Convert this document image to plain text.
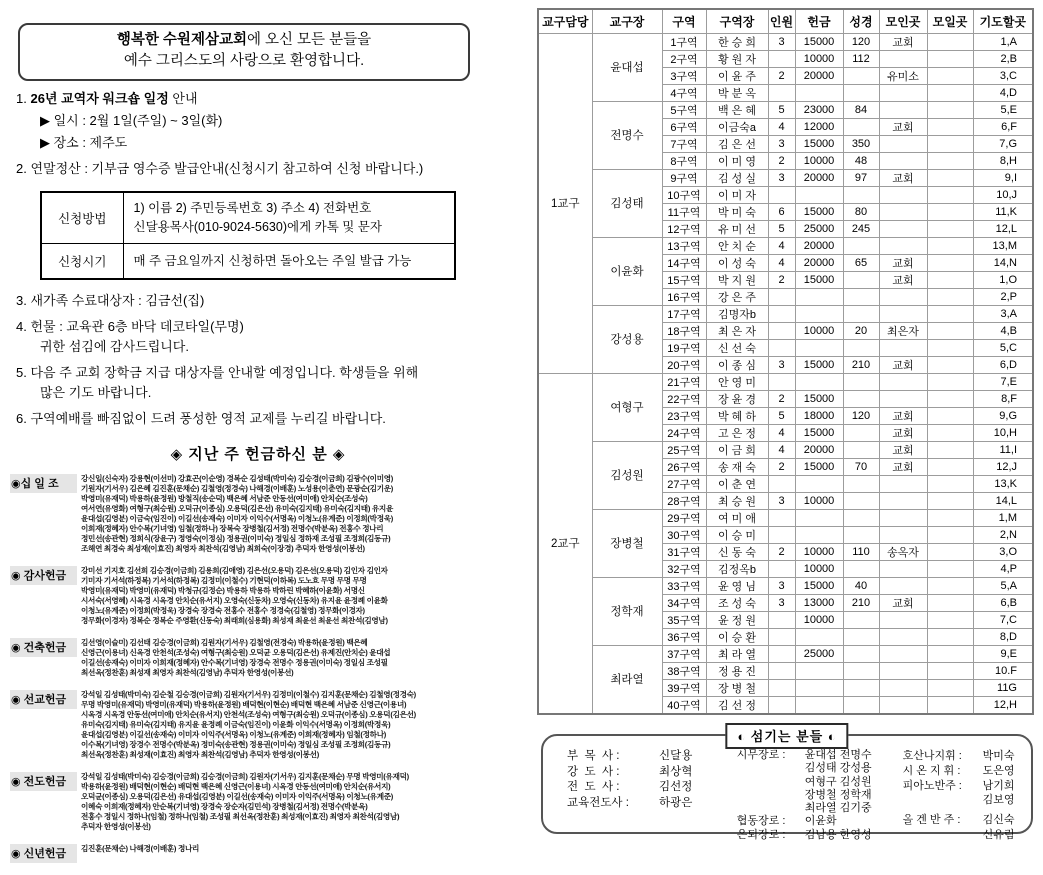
행복한 수원제삼교회에 오신 모든 분들을
예수 그리스도의 사랑으로 환영합니다.
1. 26년 교역자 워크숍 일정 안내
▶ 일시 : 2월 1일(주일) ~ 3일(화)
▶ 장소 : 제주도
2. 연말정산 : 기부금 영수증 발급안내(신청시기 참고하여 신청 바랍니다.)
신청방법	1) 이름 2) 주민등록번호 3) 주소 4) 전화번호
신달용목사(010-9024-5630)에게 카톡 및 문자

신청시기	매 주 금요일까지 신청하면 돌아오는 주일 발급 가능
3. 새가족 수료대상자 : 김금선(집)
4. 헌물 : 교육관 6층 바닥 데코타일(무명)
귀한 섬김에 감사드립니다.
5. 다음 주 교회 장학금 지급 대상자를 안내할 예정입니다. 학생들을 위해
많은 기도 바랍니다.
6. 구역예배를 빠짐없이 드려 풍성한 영적 교제를 누리길 바랍니다.
◈ 지난 주 헌금하신 분 ◈
◉십 일 조	강신일(신숙자) 강용현(이선미) 강효곤(이순영) 경복순 김성태(박미숙) 김승경(이금희) 김광수(이미영)
기원자(기서우) 김은혜 김진훈(문채순) 김철영(정경숙) 나해경(이배훈) 노성용(이춘연) 문광순(김기운)
박영미(유재덕) 박용하(윤정원) 방철직(송순덕) 백은혜 서남준 안동선(여미애) 안치순(조성숙)
여서연(유영화) 여형구(최승원) 오덕규(이종심) 오용덕(김은선) 유미숙(김지태) 유미숙(김지태) 유지윤
윤대섭(김영분) 이금숙(임진이) 이길선(송재숙) 이미자 이익수(서명옥) 이청노(유계준) 이정희(박정욱)
이희재(정혜자) 안수복(기녀영) 임철(정하나) 장복숙 장병철(김서정) 전명수(박분옥) 전홍수 정나리
정민선(송관현) 정희식(장윤구) 정영숙(이정심) 정용권(이미숙) 정일심 정하재 조성필 조정희(김동규)
조해연 최경숙 최성재(이효진) 최영자 최찬석(김영남) 최희숙(이장경) 추덕자 한영성(이봉선)
◉ 감사헌금	강미선 기지호 김선희 김승경(이금희) 김용희(김애영) 김은선(오용덕) 김은선(오용덕) 김인자 김인자
기미자 기서석(하정복) 기서석(하정복) 김정미(이철수) 기현덕(이하복) 도노흐 무명 무명 무명
박영미(유재덕) 박영미(유재덕) 박청규(김정순) 박용하 박용하 박하린 박혜하(이윤화) 서명신
시서숙(서영혜) 시옥경 시옥경 안치순(유서지) 오영숙(신동차) 오영숙(신동차) 유지윤 윤정례 이윤화
이청노(유계준) 이정희(박정욱) 장경숙 장경숙 전홍수 전홍수 정경숙(김철영) 정무화(이경자)
정무화(이경자) 정복순 정복순 주영환(신동숙) 최래희(심용화) 최성재 최윤선 최윤선 최찬석(김영남)
◉ 건축헌금	김선영(이슬미) 김선태 김승경(이금희) 김원자(기서우) 김철영(전경숙) 박용하(윤정원) 백은혜
신영근(이용녀) 신옥경 안천석(조성숙) 여형구(최승원) 오덕균 오용덕(김은선) 유제진(안치순) 윤대섭
이길선(송재숙) 이미자 이희재(정혜자) 안수복(기녀영) 장경숙 전명수 정용권(이미숙) 정일심 조성필
최선옥(정찬훈) 최성재 최영자 최찬석(김영남) 추덕자 한영성(이봉선)
◉ 선교헌금	강석일 김성태(박미숙) 김순철 김승경(이금희) 김원자(기서우) 김정미(이철수) 김지훈(문채순) 김철영(정경숙)
무명 박영미(유재덕) 박영미(유재덕) 박용하(윤정원) 배덕현(이현순) 배덕현 백은혜 서남준 신영근(이용녀)
시옥경 시옥경 안동선(여미애) 안치순(유서지) 안천석(조성숙) 여형구(최승원) 오덕규(이종심) 오용덕(김은선)
유미숙(김지태) 유미숙(김지태) 유지윤 윤정례 이금숙(임진이) 이윤화 이익수(서명옥) 이정희(박정욱)
윤대섭(김영분) 이길선(송재숙) 이미자 이익주(서명옥) 이청노(유계준) 이희재(정혜자) 임철(정하나)
이수복(기녀영) 장경수 전명수(박분옥) 정미숙(송관현) 정용권(이미숙) 정일심 조성필 조정희(김동규)
최선옥(정찬훈) 최성재(이효진) 최영자 최찬석(김영남) 추덕자 한영성(이봉선)
◉ 전도헌금	강석일 김성태(박미숙) 김승경(이금희) 김승경(이금희) 김원자(기서우) 김지훈(문채순) 무명 박영미(유재덕)
박용하(윤정원) 배덕현(이현순) 배덕현 백은혜 신영근(이용녀) 시옥경 안동선(여미애) 안치순(유서지)
오덕균(이종심) 오용덕(김은선) 유대섭(김영분) 이길선(송재숙) 이미자 이익주(서명옥) 이청노(유계준)
이혜숙 이희재(정혜자) 안순복(기녀영) 장경숙 장순자(김민석) 장병철(김서정) 전명수(박분옥)
전홍수 정일시 정하나(임철) 정하나(임철) 조성필 최선옥(정찬훈) 최성재(이효진) 최영자 최찬석(김영남)
추덕자 한영성(이봉선)
◉ 신년헌금	김진훈(문채순) 나해경(이배훈) 정나리
교구담당	교구장	구역	구역장	인원	헌금	성경	모인곳	모일곳	기도할곳
1교구	윤대섭	1구역	한 승 희	3	15000	120	교회		1,A
		2구역	황 원 자		10000	112			2,B
		3구역	이 윤 주	2	20000		유미소		3,C
		4구역	박 분 옥						4,D
	전명수	5구역	백 은 혜	5	23000	84			5,E
		6구역	이금숙a	4	12000		교회		6,F
		7구역	김 은 선	3	15000	350			7,G
		8구역	이 미 영	2	10000	48			8,H
	김성태	9구역	김 성 실	3	20000	97	교회		9,I
		10구역	이 미 자						10,J
		11구역	박 미 숙	6	15000	80			11,K
		12구역	유 미 선	5	25000	245			12,L
	이윤화	13구역	안 치 순	4	20000				13,M
		14구역	이 성 숙	4	20000	65	교회		14,N
		15구역	박 지 원	2	15000		교회		1,O
		16구역	강 은 주						2,P
	강성용	17구역	김명자b						3,A
		18구역	최 은 자		10000	20	최은자		4,B
		19구역	신 선 숙						5,C
		20구역	이 종 심	3	15000	210	교회		6,D
2교구	여형구	21구역	안 영 미						7,E
		22구역	장 윤 경	2	15000				8,F
		23구역	박 혜 하	5	18000	120	교회		9,G
		24구역	고 은 정	4	15000		교회		10,H
	김성원	25구역	이 금 희	4	20000		교회		11,I
		26구역	송 재 숙	2	15000	70	교회		12,J
		27구역	이 춘 연						13,K
		28구역	최 승 원	3	10000				14,L
	장병철	29구역	여 미 애						1,M
		30구역	이 승 미						2,N
		31구역	신 동 숙	2	10000	110	송옥자		3,O
		32구역	김정옥b		10000				4,P
	정학재	33구역	윤 영 님	3	15000	40			5,A
		34구역	조 성 숙	3	13000	210	교회		6,B
		35구역	윤 정 원		10000				7,C
		36구역	이 승 환						8,D
	최라열	37구역	최 라 열		25000				9,E
		38구역	정 용 진						10.F
		39구역	장 병 철						11G
		40구역	김 선 정						12,H
◐ 섬기는 분들 ◐
부  목  사 :	신달용
강  도  사 :	최상혁
전  도  사 :	김선정
교육전도사 :	하광은
시무장로 :	윤대섭 전명수
김성태 강성용
여형구 김성원
장병철 정학재
최라열 김기중
협동장로 :	이윤화
은퇴장로 :	김남용 한영성
호산나지휘 :	박미숙
시 온 지 휘 :	도은영
피아노반주 :	남기희
김보영
올 겐 반 주 :	김신숙
신유림
